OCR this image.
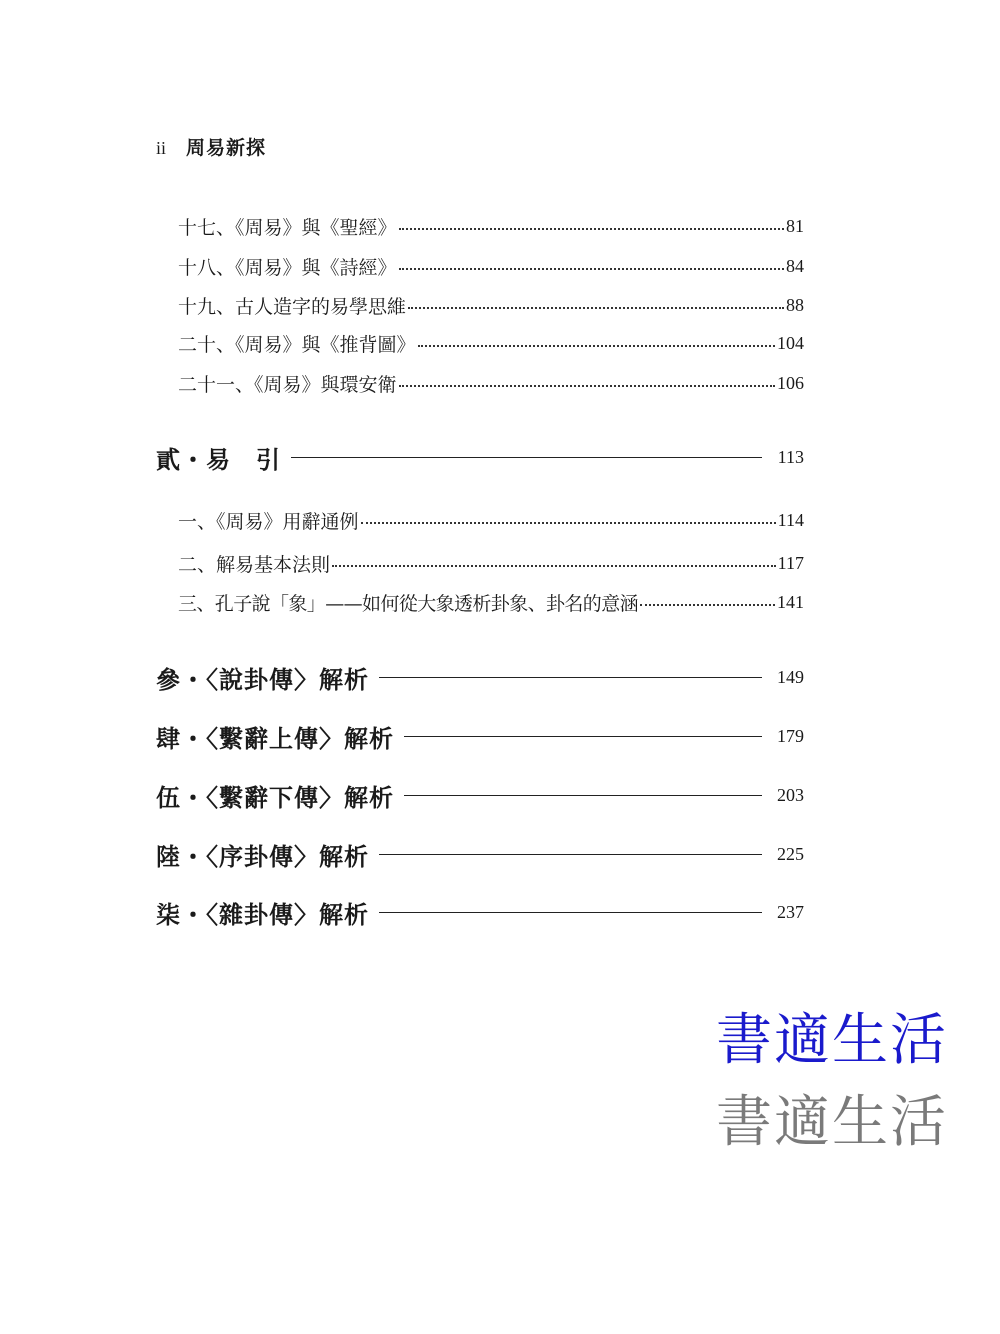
ii 周易新探
十七、《周易》與《聖經》	81
十八、《周易》與《詩經》	84
十九、古人造字的易學思維	88
二十、《周易》與《推背圖》	104
二十一、《周易》與環安衛	106
貳・易　引	113
一、《周易》用辭通例	114
二、解易基本法則	117
三、孔子說「象」——如何從大象透析卦象、卦名的意涵	141
參・〈說卦傳〉解析	149
肆・〈繫辭上傳〉解析	179
伍・〈繫辭下傳〉解析	203
陸・〈序卦傳〉解析	225
柒・〈雜卦傳〉解析	237
書適生活
書適生活
